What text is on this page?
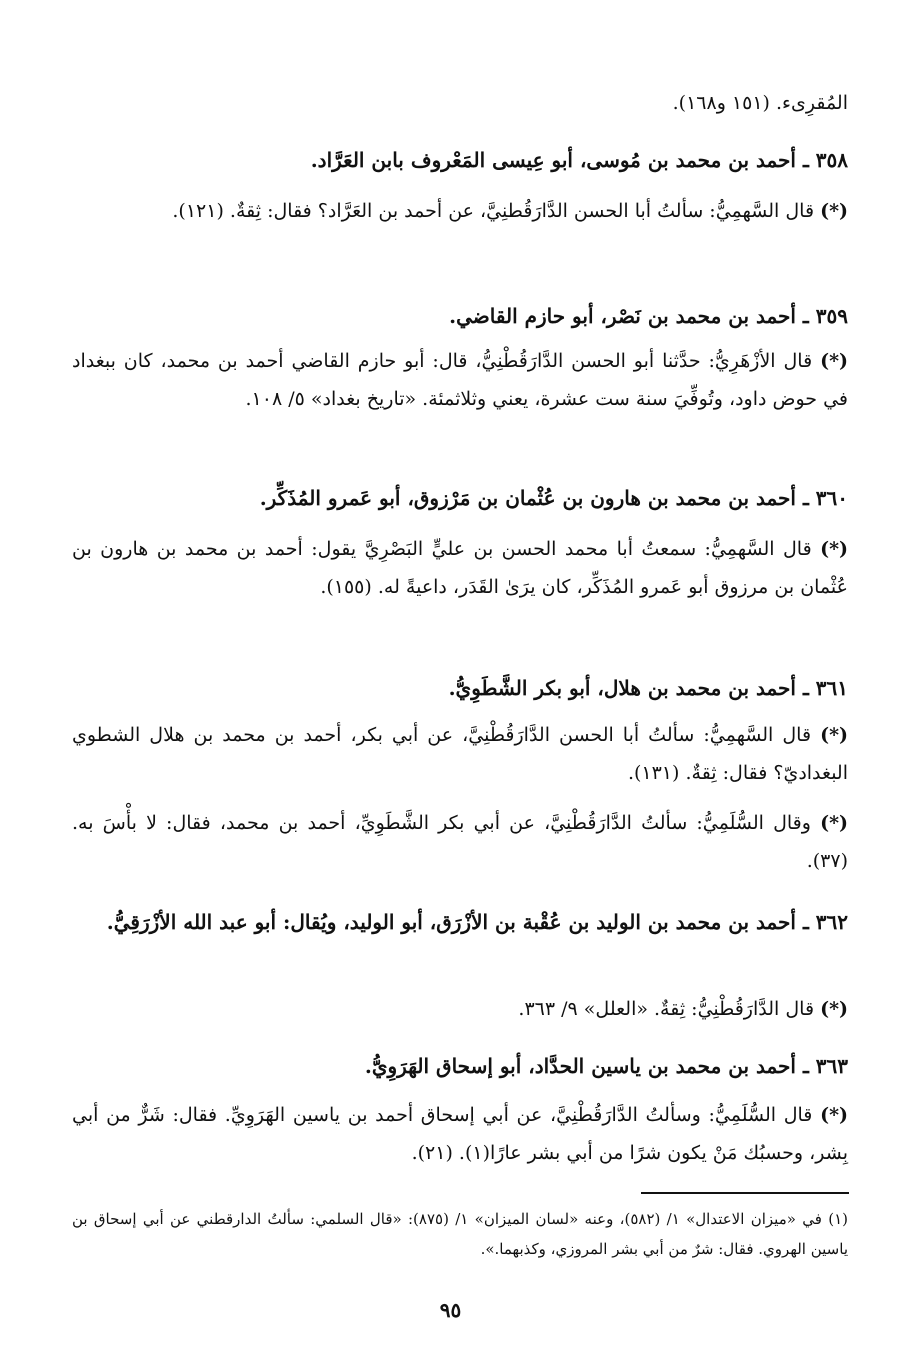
المُقرِىء. (١٥١ و١٦٨).
٣٥٨ ـ أحمد بن محمد بن مُوسى، أبو عِيسى المَعْروف بابن العَرَّاد.
(*) قال السَّهمِيُّ: سألتُ أبا الحسن الدَّارَقُطنِيَّ، عن أحمد بن العَرَّاد؟ فقال: ثِقةٌ. (١٢١).
٣٥٩ ـ أحمد بن محمد بن نَصْر، أبو حازم القاضي.
(*) قال الأزْهَرِيُّ: حدَّثنا أبو الحسن الدَّارَقُطْنِيُّ، قال: أبو حازم القاضي أحمد بن محمد، كان ببغداد في حوض داود، وتُوفِّيَ سنة ست عشرة، يعني وثلاثمئة. «تاريخ بغداد» ٥/ ١٠٨.
٣٦٠ ـ أحمد بن محمد بن هارون بن عُثْمان بن مَرْزوق، أبو عَمرو المُذَكِّر.
(*) قال السَّهمِيُّ: سمعتُ أبا محمد الحسن بن عليٍّ البَصْرِيَّ يقول: أحمد بن محمد بن هارون بن عُثْمان بن مرزوق أبو عَمرو المُذَكِّر، كان يرَىٰ القَدَر، داعيةً له. (١٥٥).
٣٦١ ـ أحمد بن محمد بن هلال، أبو بكر الشَّطَوِيُّ.
(*) قال السَّهمِيُّ: سألتُ أبا الحسن الدَّارَقُطْنِيَّ، عن أبي بكر، أحمد بن محمد بن هلال الشطوي البغداديّ؟ فقال: ثِقةٌ. (١٣١).
(*) وقال السُّلَمِيُّ: سألتُ الدَّارَقُطْنِيَّ، عن أبي بكر الشَّطَوِيِّ، أحمد بن محمد، فقال: لا بأْسَ به. (٣٧).
٣٦٢ ـ أحمد بن محمد بن الوليد بن عُقْبة بن الأزْرَق، أبو الوليد، ويُقال: أبو عبد الله الأزْرَقِيُّ.
(*) قال الدَّارَقُطْنِيُّ: ثِقةٌ. «العلل» ٩/ ٣٦٣.
٣٦٣ ـ أحمد بن محمد بن ياسين الحدَّاد، أبو إسحاق الهَرَوِيُّ.
(*) قال السُّلَمِيُّ: وسألتُ الدَّارَقُطْنِيَّ، عن أبي إسحاق أحمد بن ياسين الهَرَوِيِّ. فقال: شَرٌّ من أبي بِشر، وحسبُك مَنْ يكون شرًا من أبي بشر عارًا(١). (٢١).
(١) في «ميزان الاعتدال» ١/ (٥٨٢)، وعنه «لسان الميزان» ١/ (٨٧٥): «قال السلمي: سألتُ الدارقطني عن أبي إسحاق بن ياسين الهروي. فقال: شرٌ من أبي بشر المروزي، وكذبهما.».
٩٥
